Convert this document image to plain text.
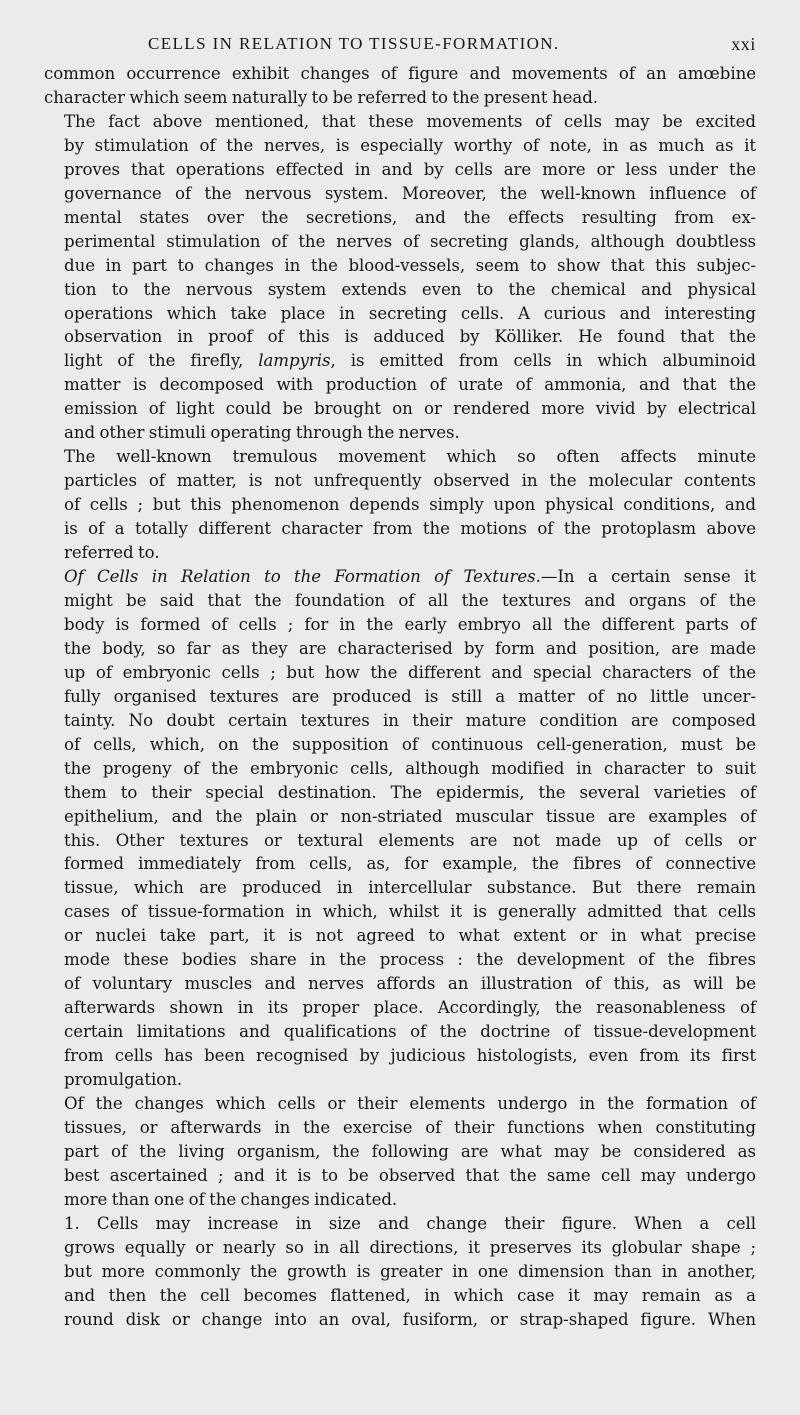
CELLS IN RELATION TO TISSUE-FORMATION.	xxi

common occurrence exhibit changes of figure and movements of an amœbine
character which seem naturally to be referred to the present head.

The fact above mentioned, that these movements of cells may be excited
by stimulation of the nerves, is especially worthy of note, in as much as it
proves that operations effected in and by cells are more or less under the
governance of the nervous system. Moreover, the well-known influence of
mental states over the secretions, and the effects resulting from ex-
perimental stimulation of the nerves of secreting glands, although doubtless
due in part to changes in the blood-vessels, seem to show that this subjec-
tion to the nervous system extends even to the chemical and physical
operations which take place in secreting cells. A curious and interesting
observation in proof of this is adduced by Kölliker. He found that the
light of the firefly, lampyris, is emitted from cells in which albuminoid
matter is decomposed with production of urate of ammonia, and that the
emission of light could be brought on or rendered more vivid by electrical
and other stimuli operating through the nerves.

The well-known tremulous movement which so often affects minute
particles of matter, is not unfrequently observed in the molecular contents
of cells ; but this phenomenon depends simply upon physical conditions, and
is of a totally different character from the motions of the protoplasm above
referred to.

Of Cells in Relation to the Formation of Textures.—In a certain sense it
might be said that the foundation of all the textures and organs of the
body is formed of cells ; for in the early embryo all the different parts of
the body, so far as they are characterised by form and position, are made
up of embryonic cells ; but how the different and special characters of the
fully organised textures are produced is still a matter of no little uncer-
tainty. No doubt certain textures in their mature condition are composed
of cells, which, on the supposition of continuous cell-generation, must be
the progeny of the embryonic cells, although modified in character to suit
them to their special destination. The epidermis, the several varieties of
epithelium, and the plain or non-striated muscular tissue are examples of
this. Other textures or textural elements are not made up of cells or
formed immediately from cells, as, for example, the fibres of connective
tissue, which are produced in intercellular substance. But there remain
cases of tissue-formation in which, whilst it is generally admitted that cells
or nuclei take part, it is not agreed to what extent or in what precise
mode these bodies share in the process : the development of the fibres
of voluntary muscles and nerves affords an illustration of this, as will be
afterwards shown in its proper place. Accordingly, the reasonableness of
certain limitations and qualifications of the doctrine of tissue-development
from cells has been recognised by judicious histologists, even from its first
promulgation.

Of the changes which cells or their elements undergo in the formation of
tissues, or afterwards in the exercise of their functions when constituting
part of the living organism, the following are what may be considered as
best ascertained ; and it is to be observed that the same cell may undergo
more than one of the changes indicated.

1. Cells may increase in size and change their figure. When a cell
grows equally or nearly so in all directions, it preserves its globular shape ;
but more commonly the growth is greater in one dimension than in another,
and then the cell becomes flattened, in which case it may remain as a
round disk or change into an oval, fusiform, or strap-shaped figure. When
